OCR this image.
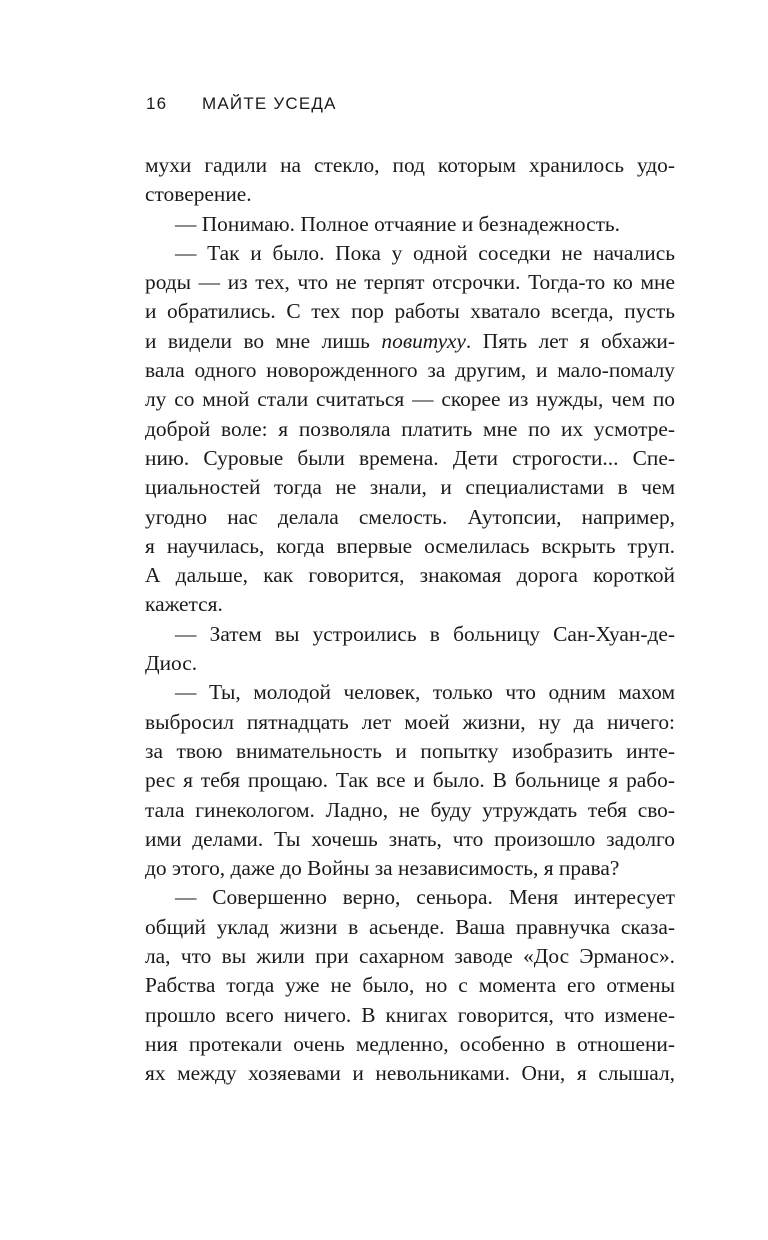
16 МАЙТЕ УСЕДА
мухи гадили на стекло, под которым хранилось удо-
стоверение.
— Понимаю. Полное отчаяние и безнадежность.
— Так и было. Пока у одной соседки не начались
роды — из тех, что не терпят отсрочки. Тогда-то ко мне
и обратились. С тех пор работы хватало всегда, пусть
и видели во мне лишь повитуху. Пять лет я обхажи-
вала одного новорожденного за другим, и мало-помалу
лу со мной стали считаться — скорее из нужды, чем по
доброй воле: я позволяла платить мне по их усмотре-
нию. Суровые были времена. Дети строгости... Спе-
циальностей тогда не знали, и специалистами в чем
угодно нас делала смелость. Аутопсии, например,
я научилась, когда впервые осмелилась вскрыть труп.
А дальше, как говорится, знакомая дорога короткой
кажется.
— Затем вы устроились в больницу Сан-Хуан-де-
Диос.
— Ты, молодой человек, только что одним махом
выбросил пятнадцать лет моей жизни, ну да ничего:
за твою внимательность и попытку изобразить инте-
рес я тебя прощаю. Так все и было. В больнице я рабо-
тала гинекологом. Ладно, не буду утруждать тебя сво-
ими делами. Ты хочешь знать, что произошло задолго
до этого, даже до Войны за независимость, я права?
— Совершенно верно, сеньора. Меня интересует
общий уклад жизни в асьенде. Ваша правнучка сказа-
ла, что вы жили при сахарном заводе «Дос Эрманос».
Рабства тогда уже не было, но с момента его отмены
прошло всего ничего. В книгах говорится, что измене-
ния протекали очень медленно, особенно в отношени-
ях между хозяевами и невольниками. Они, я слышал,
